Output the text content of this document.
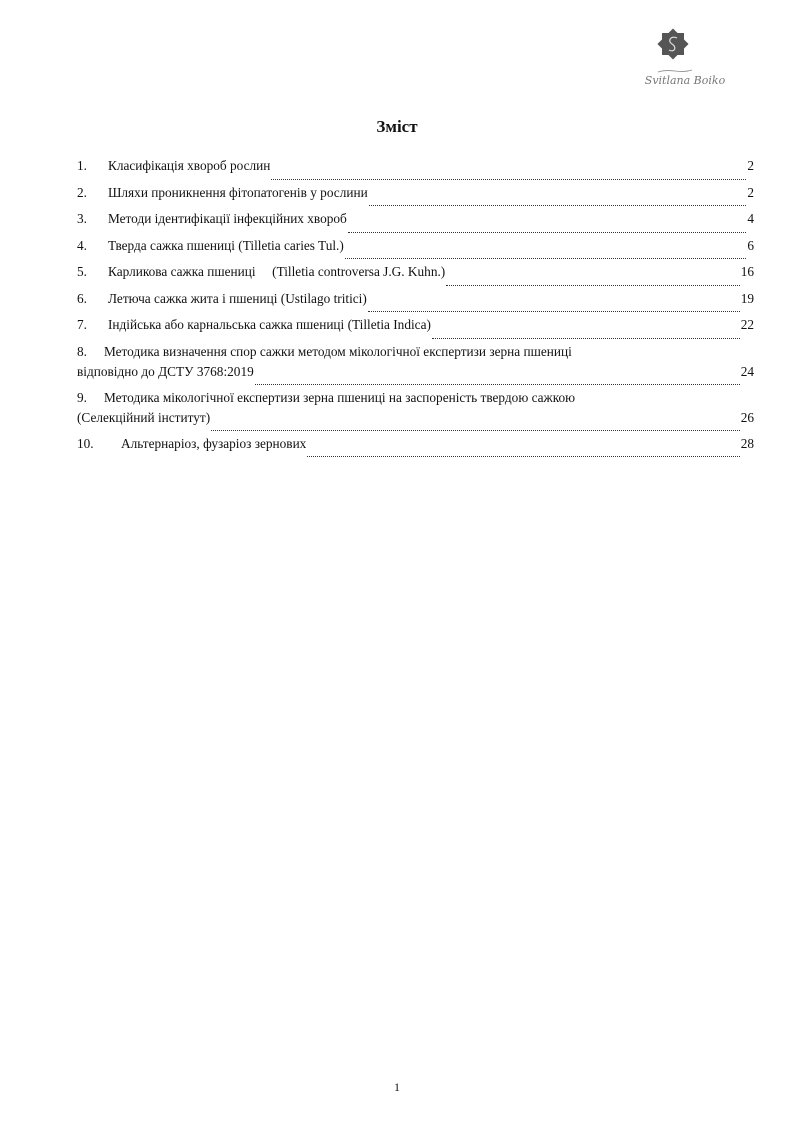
Svitlana Boiko
Зміст
1.	Класифікація хвороб рослин	2
2.	Шляхи проникнення фітопатогенів у рослини	2
3.	Методи ідентифікації інфекційних хвороб	4
4.	Тверда сажка пшениці (Tilletia caries Tul.)	6
5.	Карликова сажка пшениці     (Tilletia controversa J.G. Kuhn.)	16
6.	Летюча сажка жита і пшениці (Ustilago tritici)	19
7.	Індійська або карнальська сажка пшениці (Tilletia Indica)	22
8.	Методика визначення спор сажки методом мікологічної експертизи зерна пшениці
відповідно до ДСТУ 3768:2019	24
9.	Методика мікологічної експертизи зерна пшениці на заспореність твердою сажкою
(Селекційний інститут)	26
10.	Альтернаріоз, фузаріоз зернових	28
1
